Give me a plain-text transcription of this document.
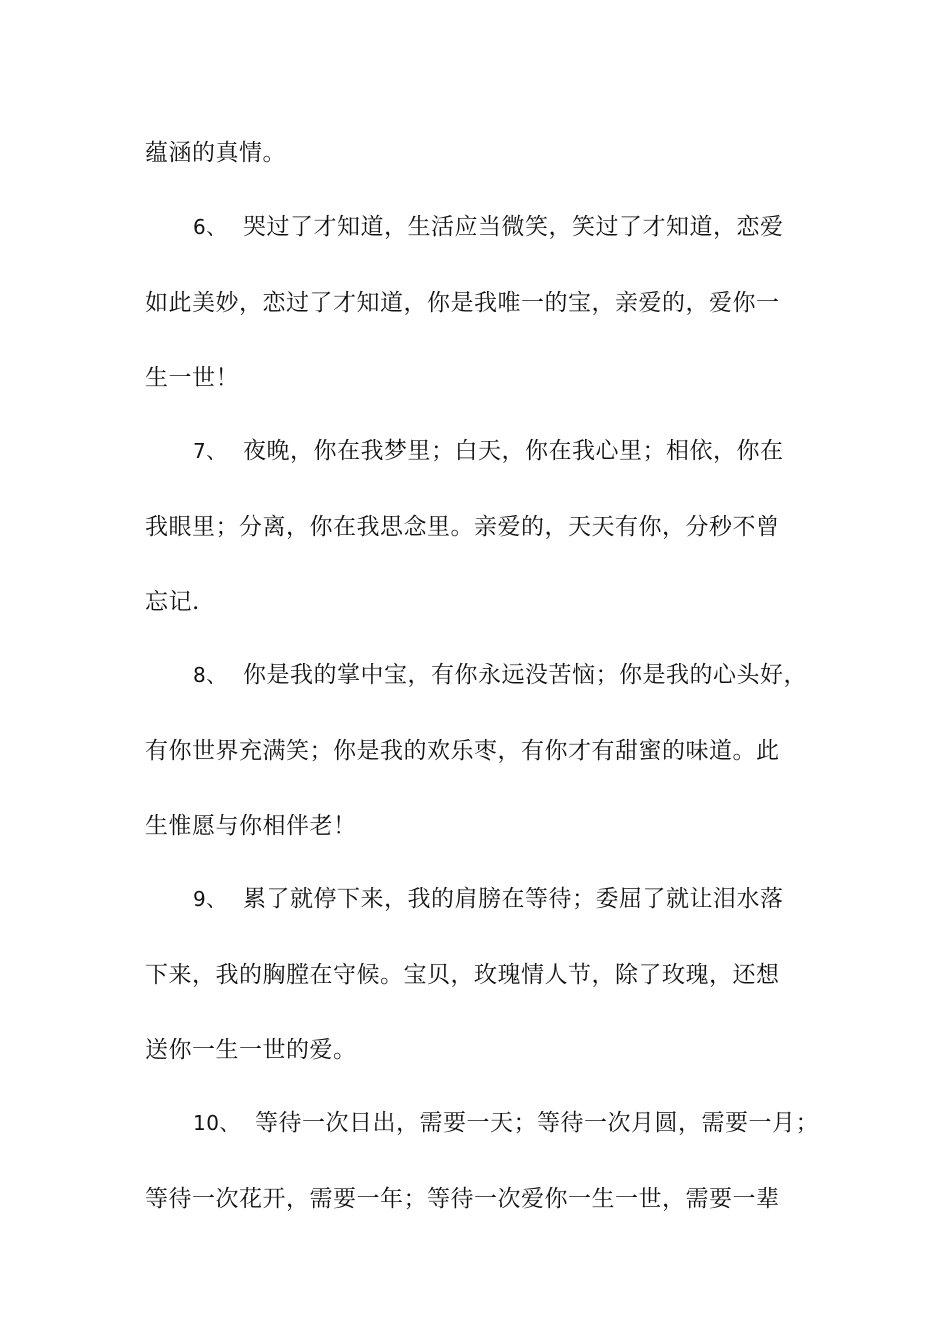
蕴涵的真情。
6、 哭过了才知道，生活应当微笑，笑过了才知道，恋爱
如此美妙，恋过了才知道，你是我唯一的宝，亲爱的，爱你一
生一世！
7、 夜晚，你在我梦里；白天，你在我心里；相依，你在
我眼里；分离，你在我思念里。亲爱的，天天有你，分秒不曾
忘记.
8、 你是我的掌中宝，有你永远没苦恼；你是我的心头好，
有你世界充满笑；你是我的欢乐枣，有你才有甜蜜的味道。此
生惟愿与你相伴老！
9、 累了就停下来，我的肩膀在等待；委屈了就让泪水落
下来，我的胸膛在守候。宝贝，玫瑰情人节，除了玫瑰，还想
送你一生一世的爱。
10、 等待一次日出，需要一天；等待一次月圆，需要一月；
等待一次花开，需要一年；等待一次爱你一生一世，需要一辈
